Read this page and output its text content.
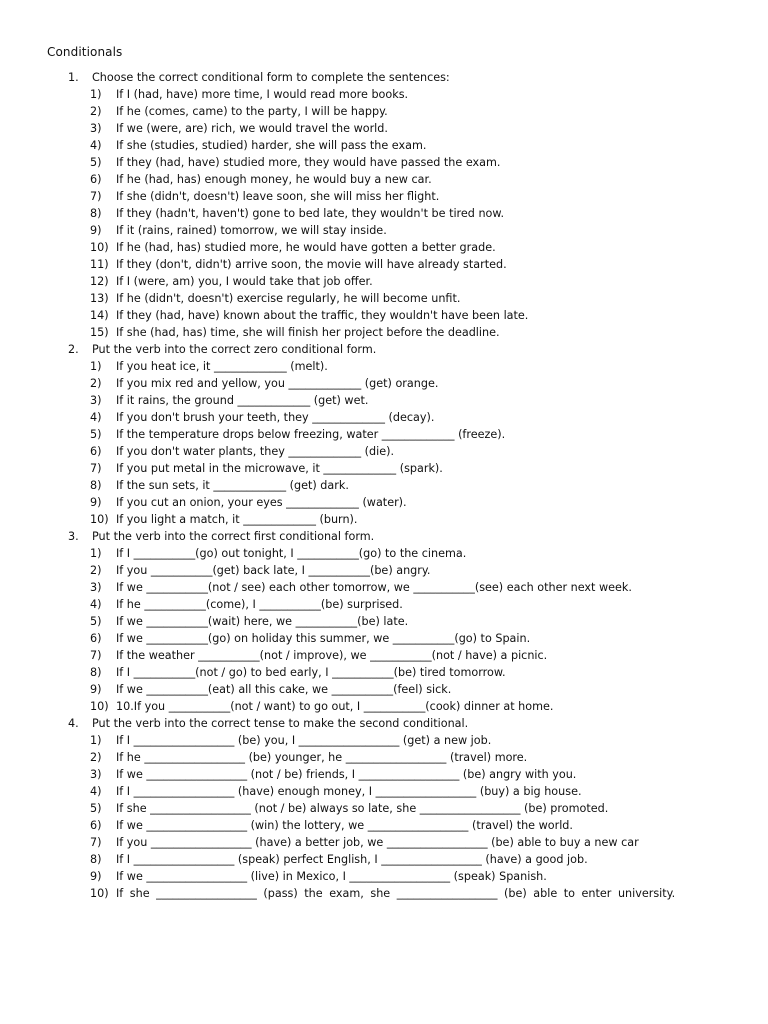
Conditionals
1. Choose the correct conditional form to complete the sentences:
1) If I (had, have) more time, I would read more books.
2) If he (comes, came) to the party, I will be happy.
3) If we (were, are) rich, we would travel the world.
4) If she (studies, studied) harder, she will pass the exam.
5) If they (had, have) studied more, they would have passed the exam.
6) If he (had, has) enough money, he would buy a new car.
7) If she (didn't, doesn't) leave soon, she will miss her flight.
8) If they (hadn't, haven't) gone to bed late, they wouldn't be tired now.
9) If it (rains, rained) tomorrow, we will stay inside.
10) If he (had, has) studied more, he would have gotten a better grade.
11) If they (don't, didn't) arrive soon, the movie will have already started.
12) If I (were, am) you, I would take that job offer.
13) If he (didn't, doesn't) exercise regularly, he will become unfit.
14) If they (had, have) known about the traffic, they wouldn't have been late.
15) If she (had, has) time, she will finish her project before the deadline.
2. Put the verb into the correct zero conditional form.
1) If you heat ice, it _____________ (melt).
2) If you mix red and yellow, you _____________ (get) orange.
3) If it rains, the ground _____________ (get) wet.
4) If you don't brush your teeth, they _____________ (decay).
5) If the temperature drops below freezing, water _____________ (freeze).
6) If you don't water plants, they _____________ (die).
7) If you put metal in the microwave, it _____________ (spark).
8) If the sun sets, it _____________ (get) dark.
9) If you cut an onion, your eyes _____________ (water).
10) If you light a match, it _____________ (burn).
3. Put the verb into the correct first conditional form.
1) If I ___________(go) out tonight, I ___________(go) to the cinema.
2) If you ___________(get) back late, I ___________(be) angry.
3) If we ___________(not / see) each other tomorrow, we ___________(see) each other next week.
4) If he ___________(come), I ___________(be) surprised.
5) If we ___________(wait) here, we ___________(be) late.
6) If we ___________(go) on holiday this summer, we ___________(go) to Spain.
7) If the weather ___________(not / improve), we ___________(not / have) a picnic.
8) If I ___________(not / go) to bed early, I ___________(be) tired tomorrow.
9) If we ___________(eat) all this cake, we ___________(feel) sick.
10) 10.If you ___________(not / want) to go out, I ___________(cook) dinner at home.
4. Put the verb into the correct tense to make the second conditional.
1) If I __________________ (be) you, I __________________ (get) a new job.
2) If he __________________ (be) younger, he __________________ (travel) more.
3) If we __________________ (not / be) friends, I __________________ (be) angry with you.
4) If I __________________ (have) enough money, I __________________ (buy) a big house.
5) If she __________________ (not / be) always so late, she __________________ (be) promoted.
6) If we __________________ (win) the lottery, we __________________ (travel) the world.
7) If you __________________ (have) a better job, we __________________ (be) able to buy a new car
8) If I __________________ (speak) perfect English, I __________________ (have) a good job.
9) If we __________________ (live) in Mexico, I __________________ (speak) Spanish.
10) If she __________________ (pass) the exam, she __________________ (be) able to enter university.
